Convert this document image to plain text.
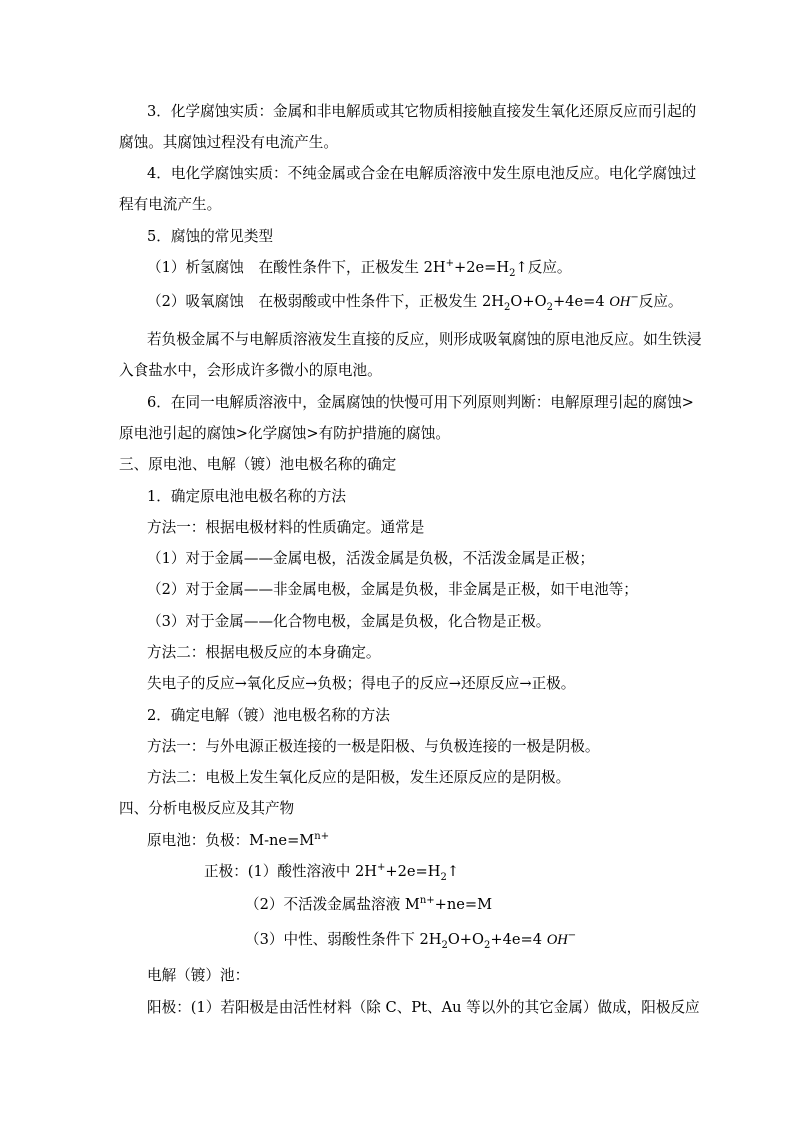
3．化学腐蚀实质：金属和非电解质或其它物质相接触直接发生氧化还原反应而引起的
腐蚀。其腐蚀过程没有电流产生。
4．电化学腐蚀实质：不纯金属或合金在电解质溶液中发生原电池反应。电化学腐蚀过
程有电流产生。
5．腐蚀的常见类型
（1）析氢腐蚀　在酸性条件下，正极发生 $2H^++2e=H_2↑$反应。
（2）吸氧腐蚀　在极弱酸或中性条件下，正极发生 $2H_2O+O_2+4e=4$ OH−反应。
若负极金属不与电解质溶液发生直接的反应，则形成吸氧腐蚀的原电池反应。如生铁浸
入食盐水中，会形成许多微小的原电池。
6．在同一电解质溶液中，金属腐蚀的快慢可用下列原则判断：电解原理引起的腐蚀>
原电池引起的腐蚀>化学腐蚀>有防护措施的腐蚀。
三、原电池、电解（镀）池电极名称的确定
1．确定原电池电极名称的方法
方法一：根据电极材料的性质确定。通常是
（1）对于金属——金属电极，活泼金属是负极，不活泼金属是正极；
（2）对于金属——非金属电极，金属是负极，非金属是正极，如干电池等；
（3）对于金属——化合物电极，金属是负极，化合物是正极。
方法二：根据电极反应的本身确定。
失电子的反应→氧化反应→负极；得电子的反应→还原反应→正极。
2．确定电解（镀）池电极名称的方法
方法一：与外电源正极连接的一极是阳极、与负极连接的一极是阴极。
方法二：电极上发生氧化反应的是阳极，发生还原反应的是阴极。
四、分析电极反应及其产物
原电池：负极：$M-ne=M^{n+}$
正极：(1）酸性溶液中 $2H^++2e=H_2↑$
（2）不活泼金属盐溶液 $M^{n+}+ne=M$
（3）中性、弱酸性条件下 $2H_2O+O_2+4e=4$ OH−
电解（镀）池：
阳极：(1）若阳极是由活性材料（除 C、Pt、Au 等以外的其它金属）做成，阳极反应
